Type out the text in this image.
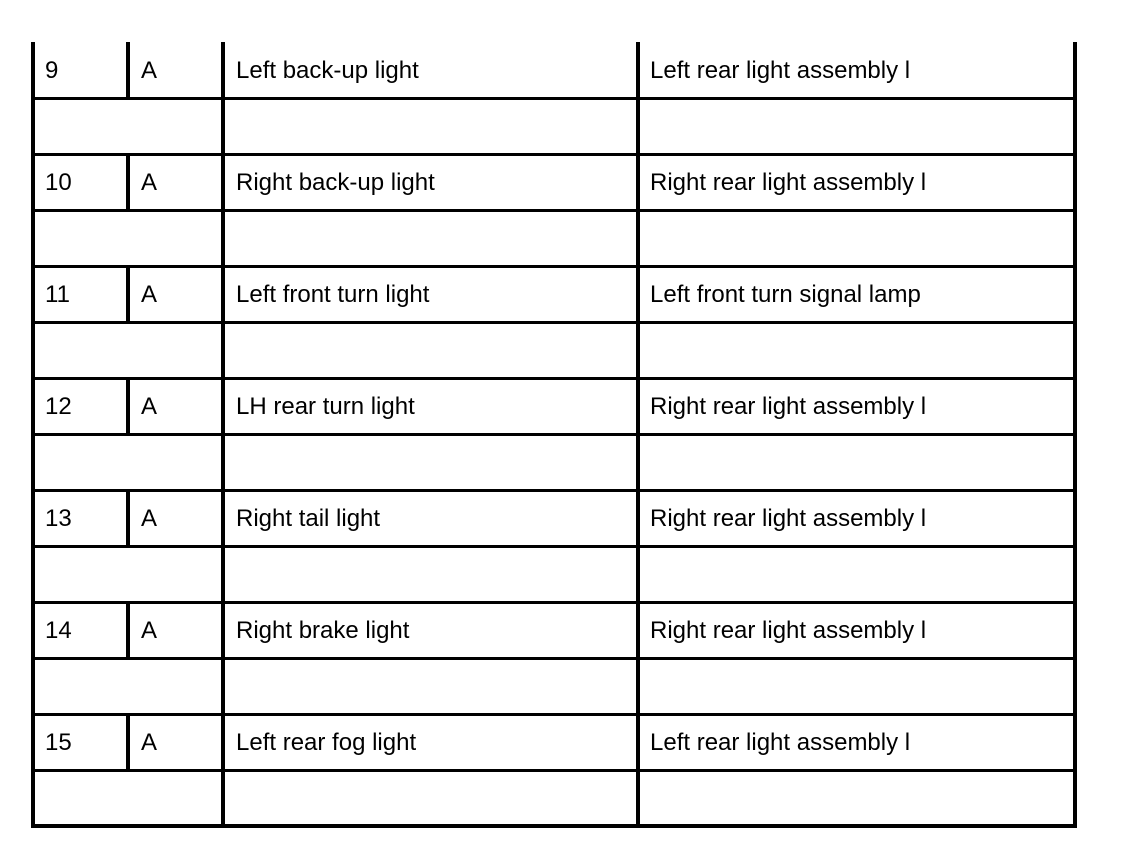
9	A	Left back-up light	Left rear light assembly l
10	A	Right back-up light	Right rear light assembly l
11	A	Left front turn light	Left front turn signal lamp
12	A	LH rear turn light	Right rear light assembly l
13	A	Right tail light	Right rear light assembly l
14	A	Right brake light	Right rear light assembly l
15	A	Left rear fog light	Left rear light assembly l
